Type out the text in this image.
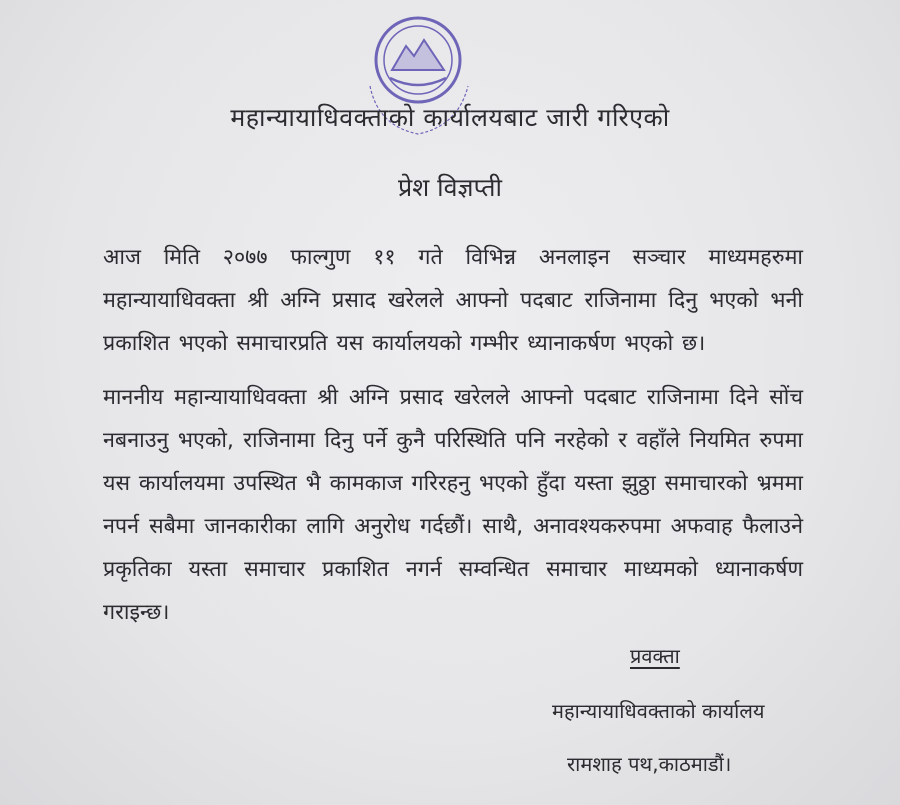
महान्यायाधिवक्ताको कार्यालयबाट जारी गरिएको
प्रेश विज्ञप्ती
आज मिति २०७७ फाल्गुण ११ गते विभिन्न अनलाइन सञ्चार माध्यमहरुमा महान्यायाधिवक्ता श्री अग्नि प्रसाद खरेलले आफ्नो पदबाट राजिनामा दिनु भएको भनी प्रकाशित भएको समाचारप्रति यस कार्यालयको गम्भीर ध्यानाकर्षण भएको छ।
माननीय महान्यायाधिवक्ता श्री अग्नि प्रसाद खरेलले आफ्नो पदबाट राजिनामा दिने सोंच नबनाउनु भएको, राजिनामा दिनु पर्ने कुनै परिस्थिति पनि नरहेको र वहाँले नियमित रुपमा यस कार्यालयमा उपस्थित भै कामकाज गरिरहनु भएको हुँदा यस्ता झुठ्ठा समाचारको भ्रममा नपर्न सबैमा जानकारीका लागि अनुरोध गर्दछौं। साथै, अनावश्यकरुपमा अफवाह फैलाउने प्रकृतिका यस्ता समाचार प्रकाशित नगर्न सम्वन्धित समाचार माध्यमको ध्यानाकर्षण गराइन्छ।
प्रवक्ता
महान्यायाधिवक्ताको कार्यालय
रामशाह पथ,काठमाडौं।
